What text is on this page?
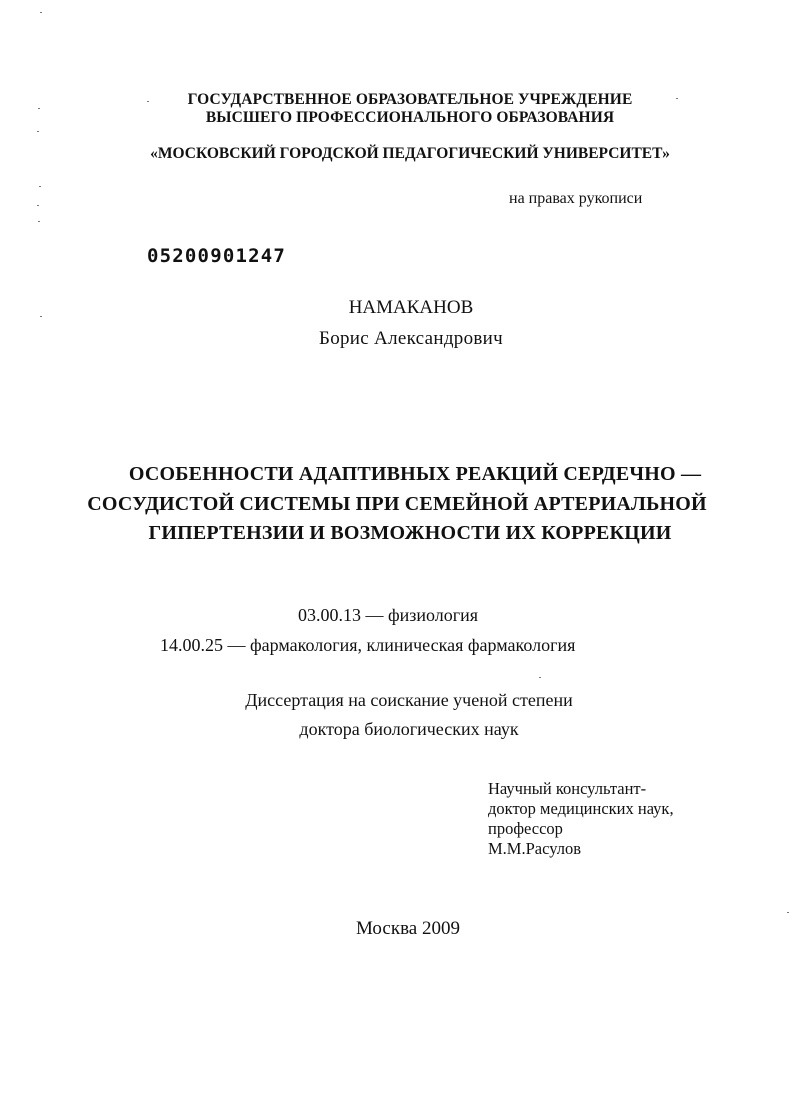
ГОСУДАРСТВЕННОЕ ОБРАЗОВАТЕЛЬНОЕ УЧРЕЖДЕНИЕ
ВЫСШЕГО ПРОФЕССИОНАЛЬНОГО ОБРАЗОВАНИЯ
«МОСКОВСКИЙ ГОРОДСКОЙ ПЕДАГОГИЧЕСКИЙ УНИВЕРСИТЕТ»
на правах рукописи
05200901247
НАМАКАНОВ
Борис Александрович
ОСОБЕННОСТИ АДАПТИВНЫХ РЕАКЦИЙ СЕРДЕЧНО —
СОСУДИСТОЙ СИСТЕМЫ ПРИ СЕМЕЙНОЙ АРТЕРИАЛЬНОЙ
ГИПЕРТЕНЗИИ И ВОЗМОЖНОСТИ ИХ КОРРЕКЦИИ
03.00.13 — физиология
14.00.25 — фармакология, клиническая фармакология
Диссертация на соискание ученой степени
доктора биологических наук
Научный консультант-
доктор медицинских наук,
профессор
М.М.Расулов
Москва 2009
